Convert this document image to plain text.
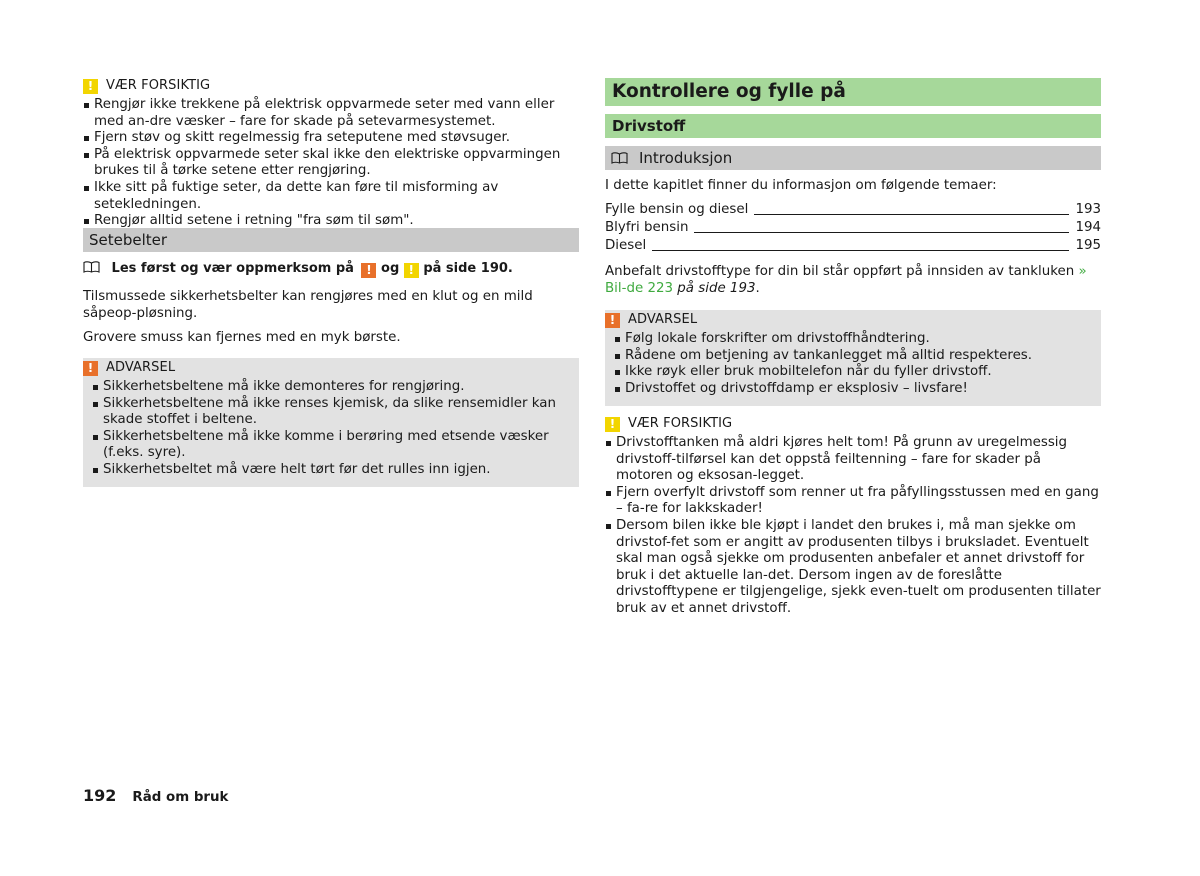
! VÆR FORSIKTIG
Rengjør ikke trekkene på elektrisk oppvarmede seter med vann eller med an-dre væsker – fare for skade på setevarmesystemet.
Fjern støv og skitt regelmessig fra seteputene med støvsuger.
På elektrisk oppvarmede seter skal ikke den elektriske oppvarmingen brukes til å tørke setene etter rengjøring.
Ikke sitt på fuktige seter, da dette kan føre til misforming av setekledningen.
Rengjør alltid setene i retning "fra søm til søm".
Setebelter
Les først og vær oppmerksom på ! og ! på side 190.
Tilsmussede sikkerhetsbelter kan rengjøres med en klut og en mild såpeop-pløsning.
Grovere smuss kan fjernes med en myk børste.
! ADVARSEL
Sikkerhetsbeltene må ikke demonteres for rengjøring.
Sikkerhetsbeltene må ikke renses kjemisk, da slike rensemidler kan skade stoffet i beltene.
Sikkerhetsbeltene må ikke komme i berøring med etsende væsker (f.eks. syre).
Sikkerhetsbeltet må være helt tørt før det rulles inn igjen.
Kontrollere og fylle på
Drivstoff
Introduksjon
I dette kapitlet finner du informasjon om følgende temaer:
Fylle bensin og diesel	193
Blyfri bensin	194
Diesel	195
Anbefalt drivstofftype for din bil står oppført på innsiden av tankluken » Bil-de 223 på side 193.
! ADVARSEL
Følg lokale forskrifter om drivstoffhåndtering.
Rådene om betjening av tankanlegget må alltid respekteres.
Ikke røyk eller bruk mobiltelefon når du fyller drivstoff.
Drivstoffet og drivstoffdamp er eksplosiv – livsfare!
! VÆR FORSIKTIG
Drivstofftanken må aldri kjøres helt tom! På grunn av uregelmessig drivstoff-tilførsel kan det oppstå feiltenning – fare for skader på motoren og eksosan-legget.
Fjern overfylt drivstoff som renner ut fra påfyllingsstussen med en gang – fa-re for lakkskader!
Dersom bilen ikke ble kjøpt i landet den brukes i, må man sjekke om drivstof-fet som er angitt av produsenten tilbys i bruksladet. Eventuelt skal man også sjekke om produsenten anbefaler et annet drivstoff for bruk i det aktuelle lan-det. Dersom ingen av de foreslåtte drivstofftypene er tilgjengelige, sjekk even-tuelt om produsenten tillater bruk av et annet drivstoff.
192 Råd om bruk
